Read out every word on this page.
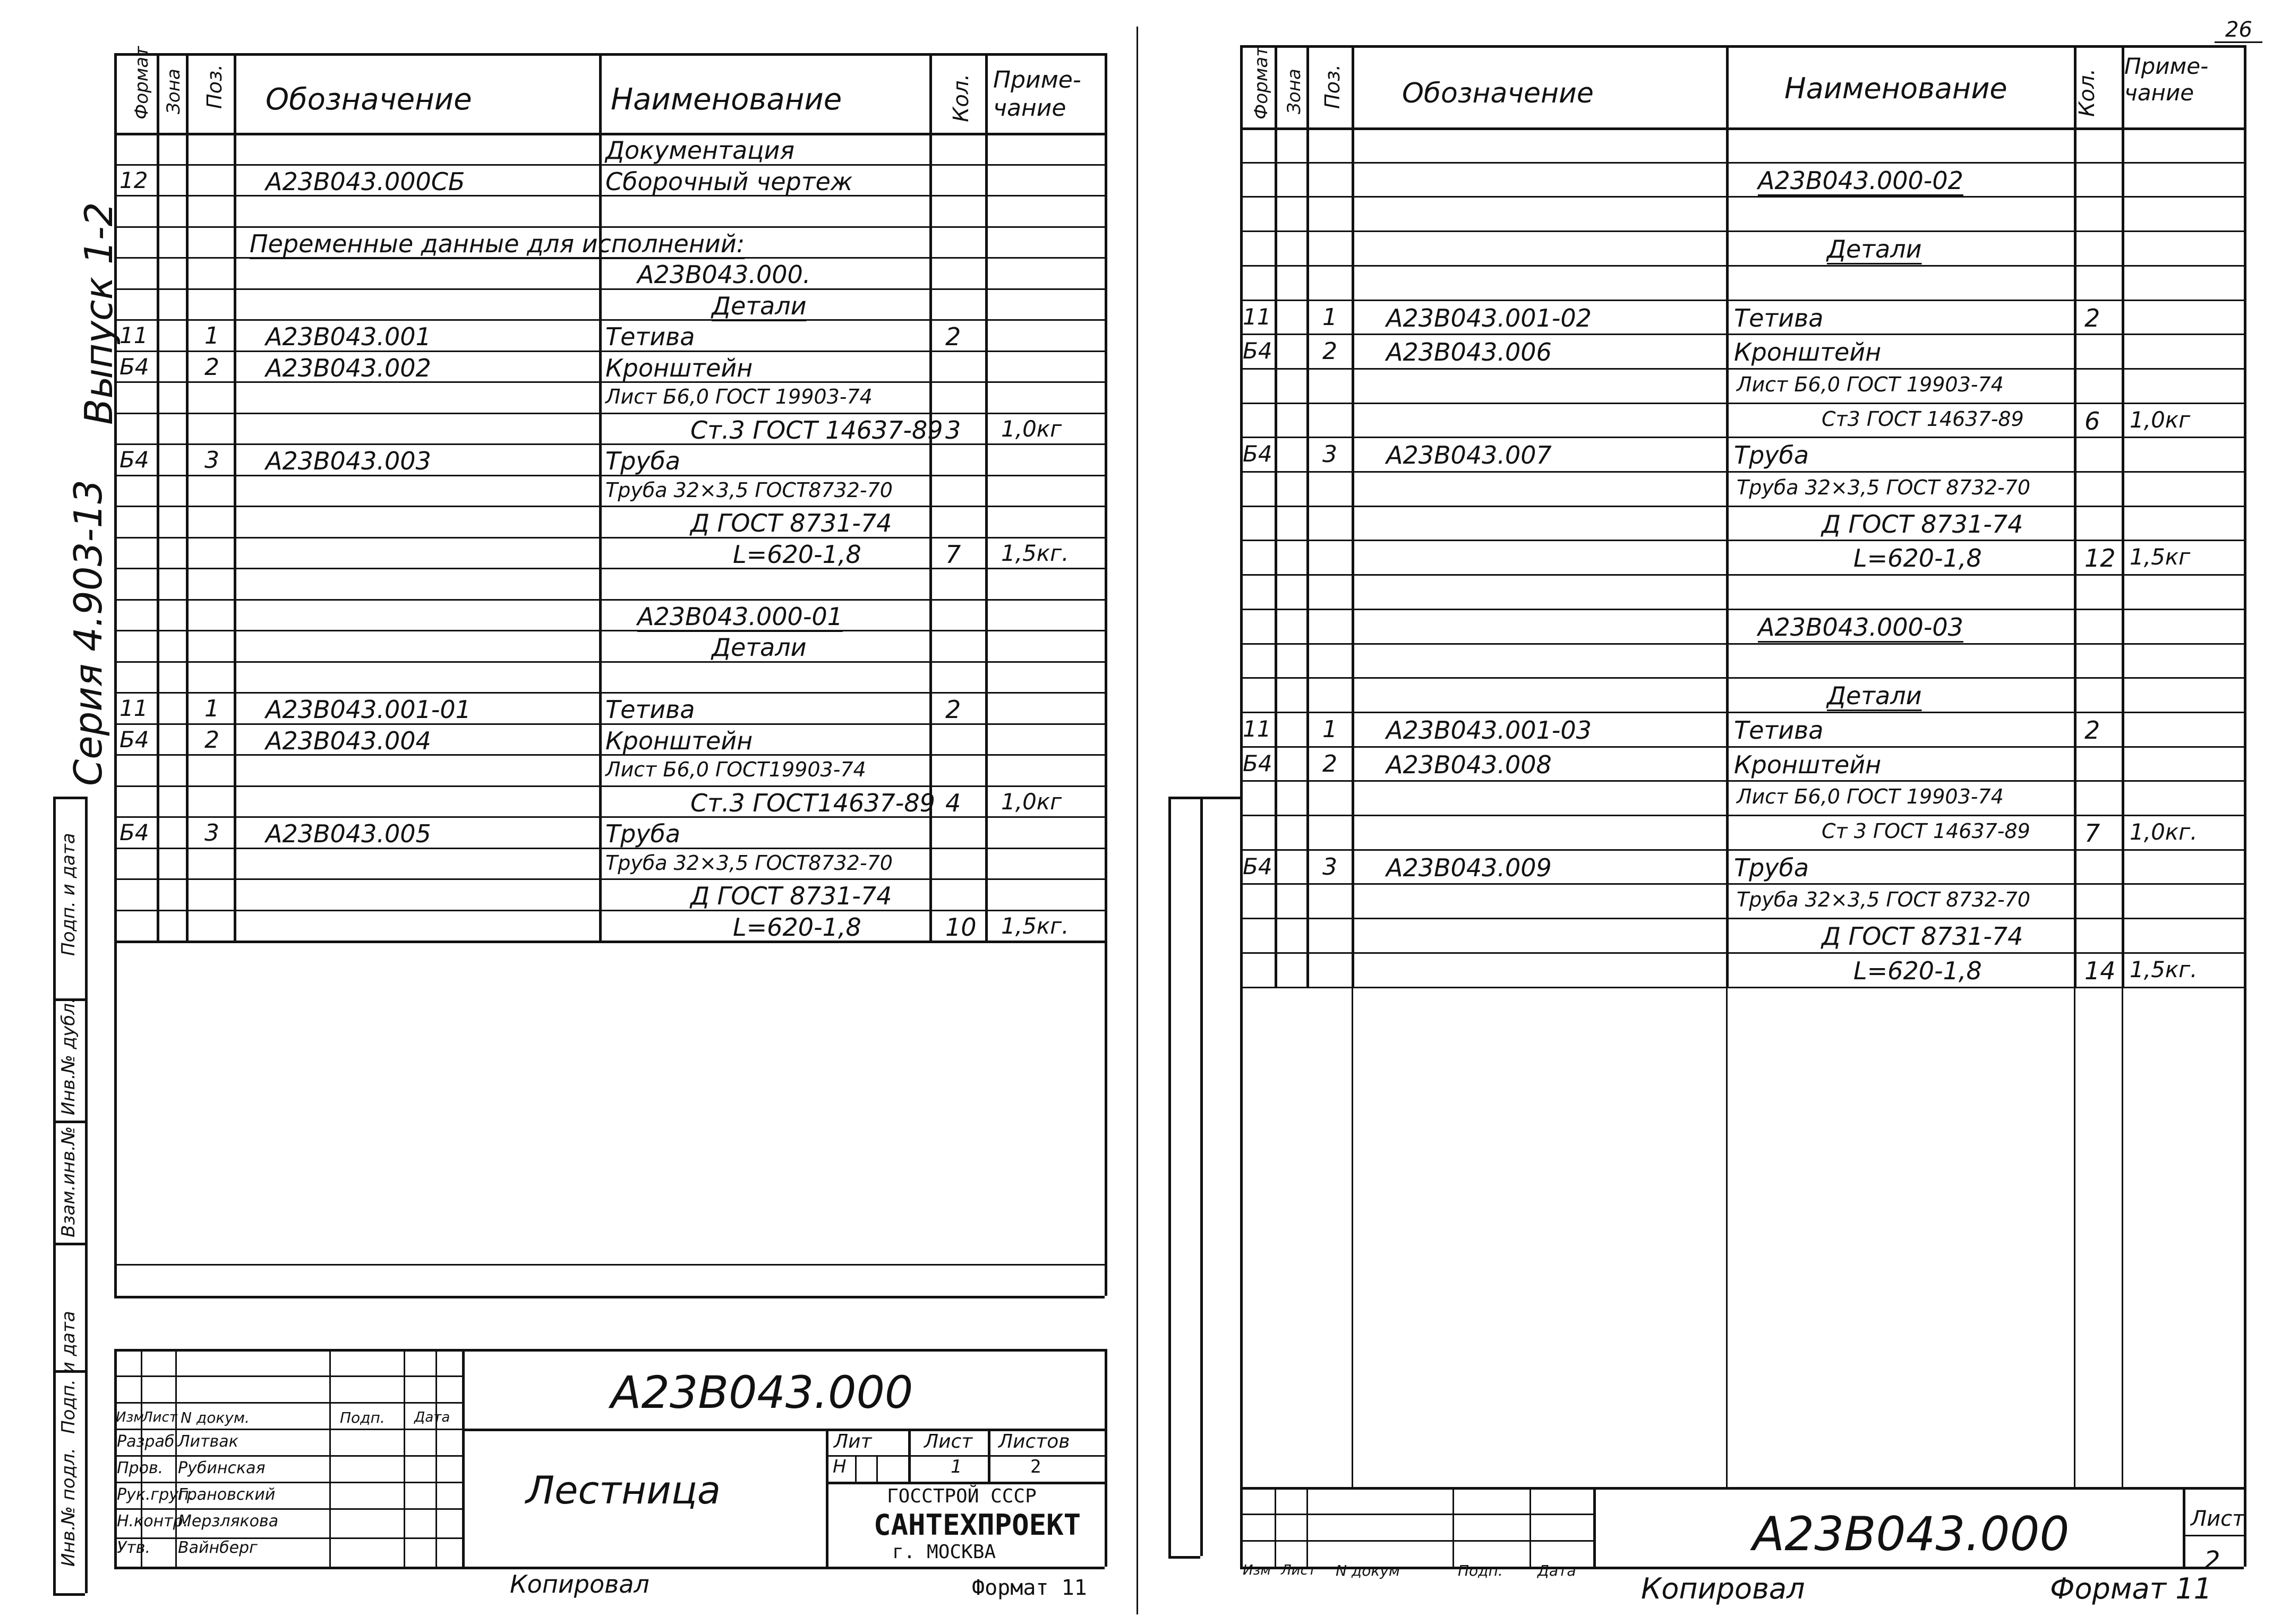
Формат Зона Поз. Обозначение	Наименование	Кол. Приме-
чание
Документация
12	А23В043.000СБ	Сборочный чертеж
Переменные данные для исполнений:
А23В043.000.
Детали
11 1 А23В043.001	Тетива	2
Б4 2 А23В043.002	Кронштейн
Лист Б6,0 ГОСТ 19903-74
Ст.3 ГОСТ 14637-89 3 1,0кг
Б4 3 А23В043.003	Труба
Труба 32×3,5 ГОСТ8732-70
Д ГОСТ 8731-74
L=620-1,8	7 1,5кг.
А23В043.000-01
Детали
11 1 А23В043.001-01	Тетива	2
Б4 2 А23В043.004	Кронштейн
Лист Б6,0 ГОСТ19903-74
Ст.3 ГОСТ14637-89 4 1,0кг
Б4 3 А23В043.005	Труба
Труба 32×3,5 ГОСТ8732-70
Д ГОСТ 8731-74
L=620-1,8	10 1,5кг.
Выпуск 1-2
Серия 4.903-13
Инв.№ подл.
Подп. и дата
Взам.инв.№
Инв.№ дубл.
Подп. и дата
А23В043.000
Лестница
Изм
Лист N докум.	Подп. Дата
Разраб.
Литвак
Пров. Рубинская
Рук.груп.
Грановский
Н.контр.
Мерзлякова
Утв. Вайнберг
Лит	Лист Листов
Н	1	2
ГОССТРОЙ СССР
САНТЕХПРОЕКТ
г. МОСКВА
Копировал	Формат 11
26
Формат Зона Поз. Обозначение	Наименование	Кол.
Приме-
чание
А23В043.000-02
Детали
11 1 А23В043.001-02	Тетива	2
Б4 2 А23В043.006	Кронштейн
Лист Б6,0 ГОСТ 19903-74
Ст3 ГОСТ 14637-89 6 1,0кг
Б4 3 А23В043.007	Труба
Труба 32×3,5 ГОСТ 8732-70
Д ГОСТ 8731-74
L=620-1,8	12 1,5кг
А23В043.000-03
Детали
11 1 А23В043.001-03	Тетива	2
Б4 2 А23В043.008	Кронштейн
Лист Б6,0 ГОСТ 19903-74
Ст 3 ГОСТ 14637-89 7 1,0кг.
Б4 3 А23В043.009	Труба
Труба 32×3,5 ГОСТ 8732-70
Д ГОСТ 8731-74
L=620-1,8	14 1,5кг.
А23В043.000
Изм Лист N докум	Подп. Дата
Лист
2
Копировал	Формат 11
